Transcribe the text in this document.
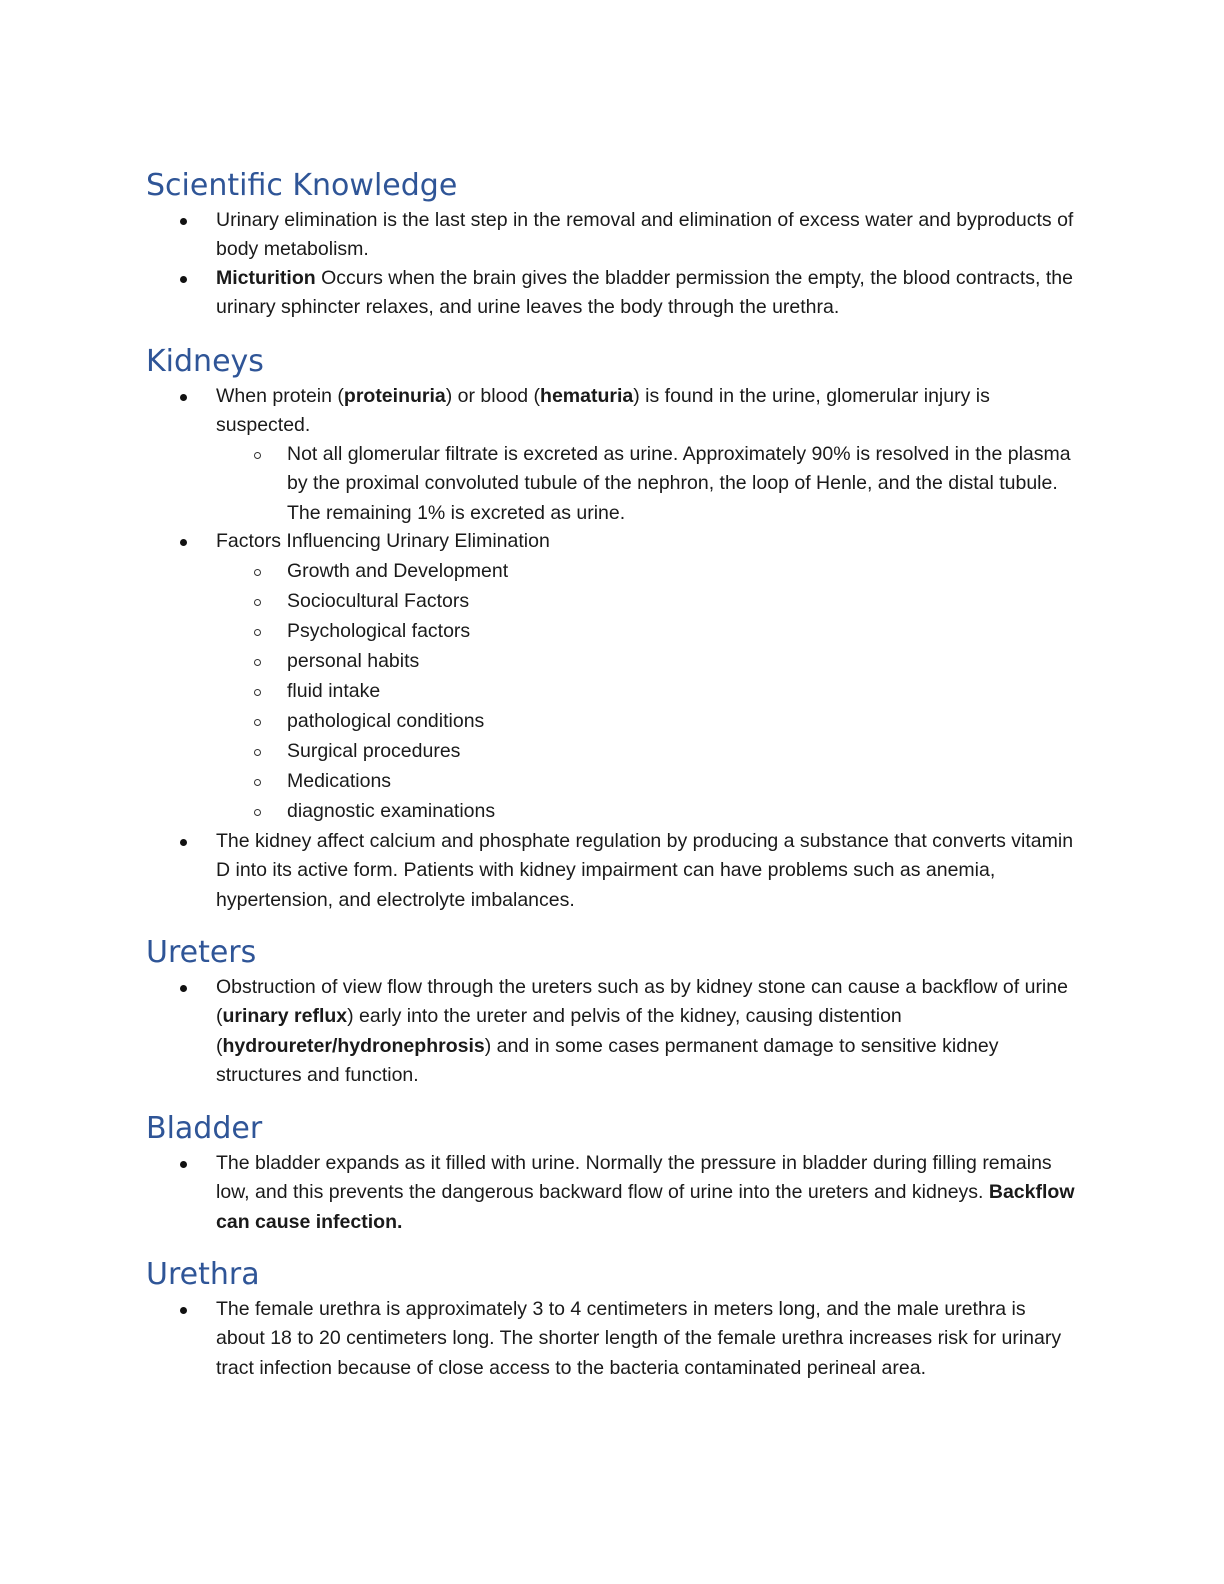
Scientific Knowledge
Urinary elimination is the last step in the removal and elimination of excess water and byproducts of body metabolism.
Micturition Occurs when the brain gives the bladder permission the empty, the blood contracts, the urinary sphincter relaxes, and urine leaves the body through the urethra.
Kidneys
When protein (proteinuria) or blood (hematuria) is found in the urine, glomerular injury is suspected.
Not all glomerular filtrate is excreted as urine. Approximately 90% is resolved in the plasma by the proximal convoluted tubule of the nephron, the loop of Henle, and the distal tubule. The remaining 1% is excreted as urine.
Factors Influencing Urinary Elimination
Growth and Development
Sociocultural Factors
Psychological factors
personal habits
fluid intake
pathological conditions
Surgical procedures
Medications
diagnostic examinations
The kidney affect calcium and phosphate regulation by producing a substance that converts vitamin D into its active form. Patients with kidney impairment can have problems such as anemia, hypertension, and electrolyte imbalances.
Ureters
Obstruction of view flow through the ureters such as by kidney stone can cause a backflow of urine (urinary reflux) early into the ureter and pelvis of the kidney, causing distention (hydroureter/hydronephrosis) and in some cases permanent damage to sensitive kidney structures and function.
Bladder
The bladder expands as it filled with urine. Normally the pressure in bladder during filling remains low, and this prevents the dangerous backward flow of urine into the ureters and kidneys. Backflow can cause infection.
Urethra
The female urethra is approximately 3 to 4 centimeters in meters long, and the male urethra is about 18 to 20 centimeters long. The shorter length of the female urethra increases risk for urinary tract infection because of close access to the bacteria contaminated perineal area.
